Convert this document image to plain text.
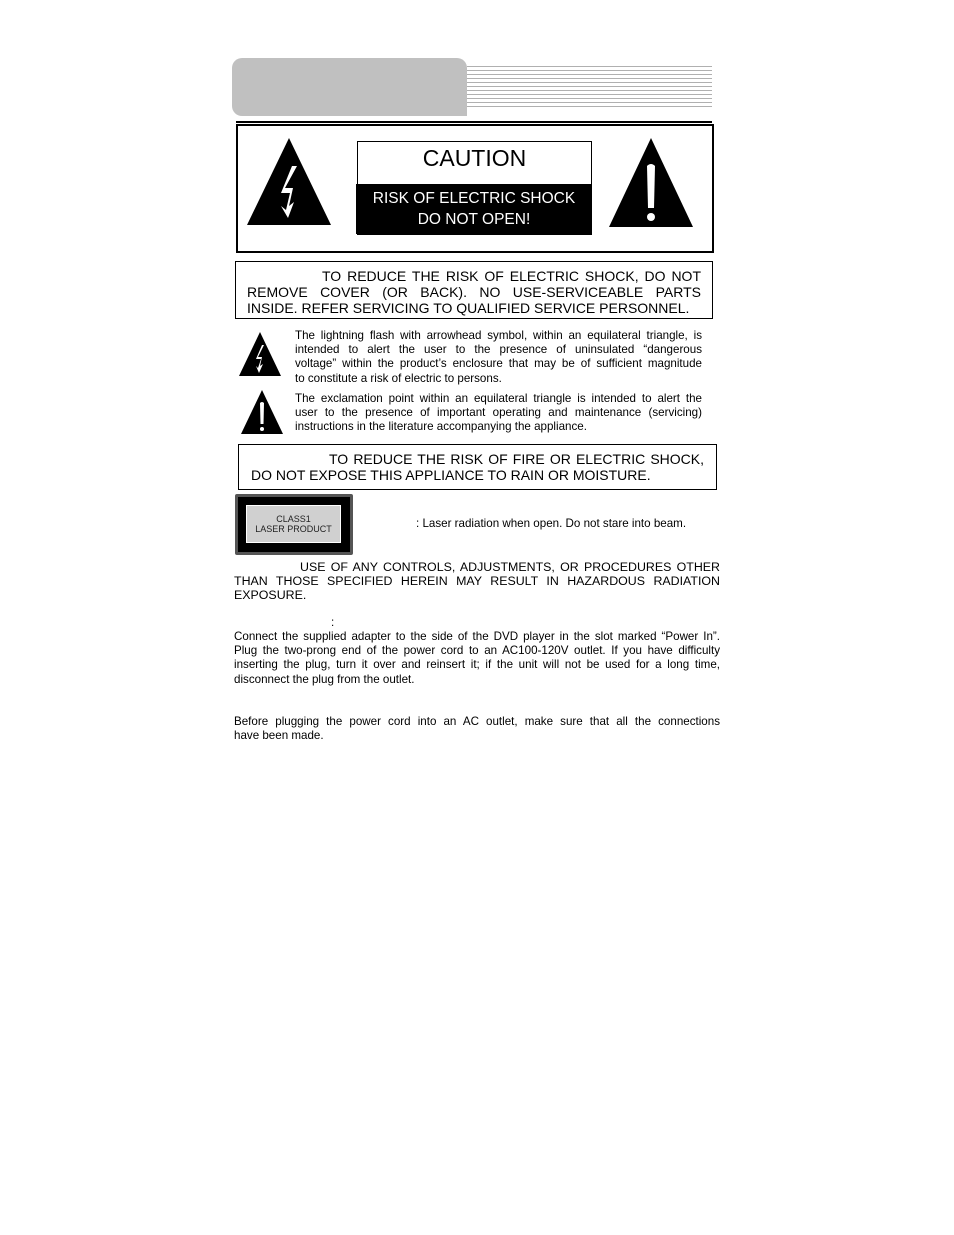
CAUTION
RISK OF ELECTRIC SHOCK
DO NOT OPEN!
TO REDUCE THE RISK OF ELECTRIC SHOCK, DO NOT
REMOVE COVER (OR BACK). NO USE-SERVICEABLE PARTS
INSIDE. REFER SERVICING TO QUALIFIED SERVICE PERSONNEL.
The lightning flash with arrowhead symbol, within an equilateral triangle, is
intended to alert the user to the presence of uninsulated “dangerous
voltage” within the product’s enclosure that may be of sufficient magnitude
to constitute a risk of electric to persons.
The exclamation point within an equilateral triangle is intended to alert the
user to the presence of important operating and maintenance (servicing)
instructions in the literature accompanying the appliance.
TO REDUCE THE RISK OF FIRE OR ELECTRIC SHOCK,
DO NOT EXPOSE THIS APPLIANCE TO RAIN OR MOISTURE.
CLASS1
LASER PRODUCT	: Laser radiation when open. Do not stare into beam.
USE OF ANY CONTROLS, ADJUSTMENTS, OR PROCEDURES OTHER
THAN THOSE SPECIFIED HEREIN MAY RESULT IN HAZARDOUS RADIATION
EXPOSURE.
:
Connect the supplied adapter to the side of the DVD player in the slot marked “Power In”.
Plug the two-prong end of the power cord to an AC100-120V outlet. If you have difficulty
inserting the plug, turn it over and reinsert it; if the unit will not be used for a long time,
disconnect the plug from the outlet.
Before plugging the power cord into an AC outlet, make sure that all the connections
have been made.
